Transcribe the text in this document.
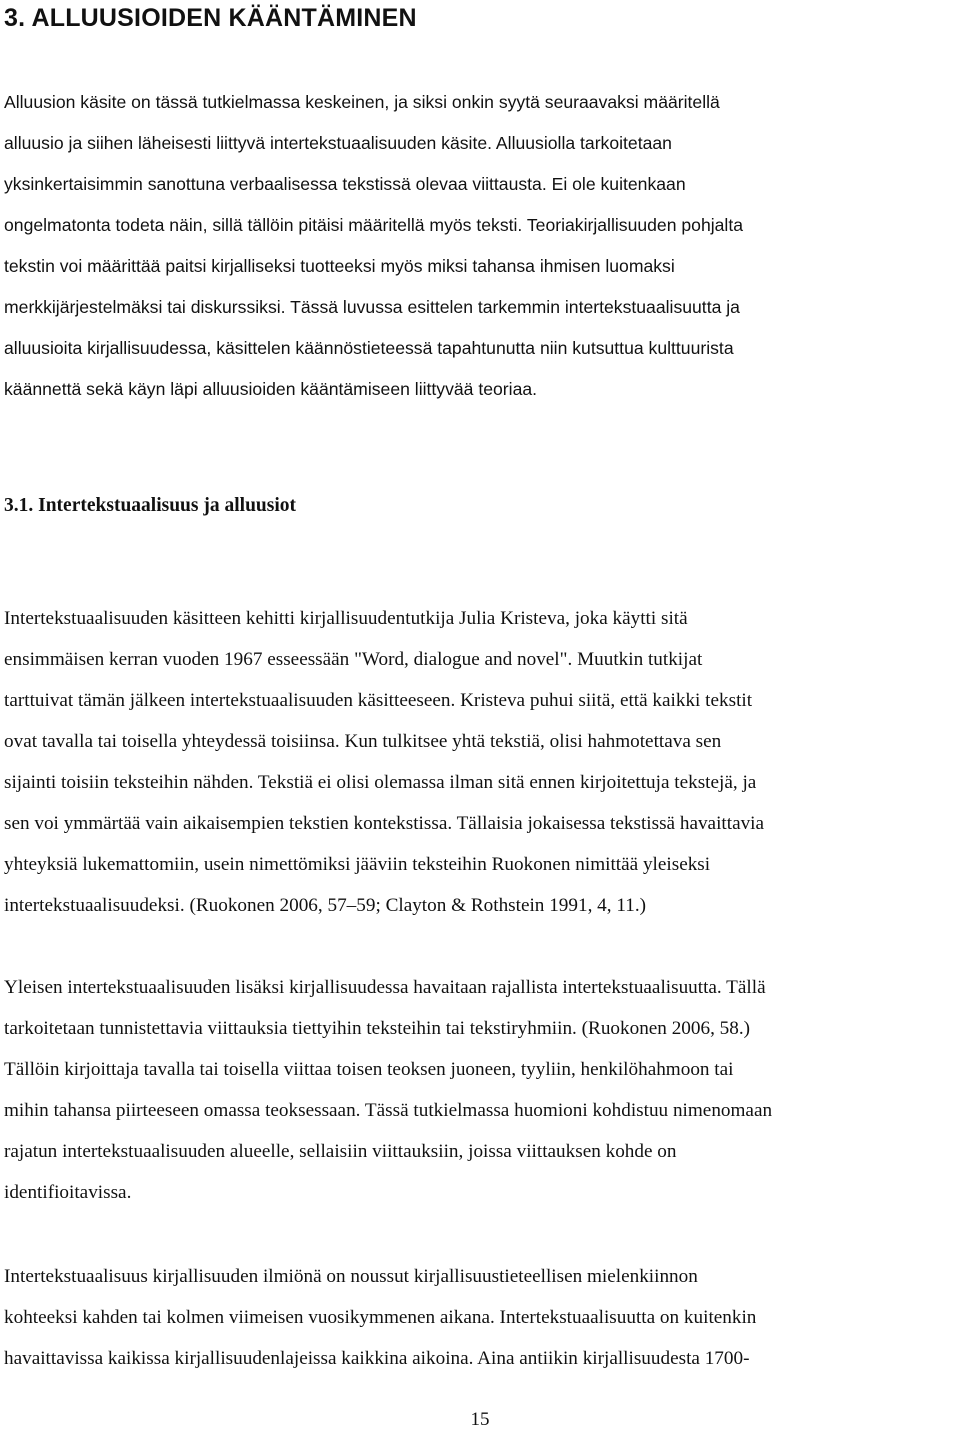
3. ALLUUSIOIDEN KÄÄNTÄMINEN
Alluusion käsite on tässä tutkielmassa keskeinen, ja siksi onkin syytä seuraavaksi määritellä
alluusio ja siihen läheisesti liittyvä intertekstuaalisuuden käsite. Alluusiolla tarkoitetaan
yksinkertaisimmin sanottuna verbaalisessa tekstissä olevaa viittausta. Ei ole kuitenkaan
ongelmatonta todeta näin, sillä tällöin pitäisi määritellä myös teksti. Teoriakirjallisuuden pohjalta
tekstin voi määrittää paitsi kirjalliseksi tuotteeksi myös miksi tahansa ihmisen luomaksi
merkkijärjestelmäksi tai diskurssiksi. Tässä luvussa esittelen tarkemmin intertekstuaalisuutta ja
alluusioita kirjallisuudessa, käsittelen käännöstieteessä tapahtunutta niin kutsuttua kulttuurista
käännettä sekä käyn läpi alluusioiden kääntämiseen liittyvää teoriaa.
3.1. Intertekstuaalisuus ja alluusiot
Intertekstuaalisuuden käsitteen kehitti kirjallisuudentutkija Julia Kristeva, joka käytti sitä
ensimmäisen kerran vuoden 1967 esseessään "Word, dialogue and novel". Muutkin tutkijat
tarttuivat tämän jälkeen intertekstuaalisuuden käsitteeseen. Kristeva puhui siitä, että kaikki tekstit
ovat tavalla tai toisella yhteydessä toisiinsa. Kun tulkitsee yhtä tekstiä, olisi hahmotettava sen
sijainti toisiin teksteihin nähden. Tekstiä ei olisi olemassa ilman sitä ennen kirjoitettuja tekstejä, ja
sen voi ymmärtää vain aikaisempien tekstien kontekstissa. Tällaisia jokaisessa tekstissä havaittavia
yhteyksiä lukemattomiin, usein nimettömiksi jääviin teksteihin Ruokonen nimittää yleiseksi
intertekstuaalisuudeksi. (Ruokonen 2006, 57–59; Clayton & Rothstein 1991, 4, 11.)
Yleisen intertekstuaalisuuden lisäksi kirjallisuudessa havaitaan rajallista intertekstuaalisuutta. Tällä
tarkoitetaan tunnistettavia viittauksia tiettyihin teksteihin tai tekstiryhmiin. (Ruokonen 2006, 58.)
Tällöin kirjoittaja tavalla tai toisella viittaa toisen teoksen juoneen, tyyliin, henkilöhahmoon tai
mihin tahansa piirteeseen omassa teoksessaan. Tässä tutkielmassa huomioni kohdistuu nimenomaan
rajatun intertekstuaalisuuden alueelle, sellaisiin viittauksiin, joissa viittauksen kohde on
identifioitavissa.
Intertekstuaalisuus kirjallisuuden ilmiönä on noussut kirjallisuustieteellisen mielenkiinnon
kohteeksi kahden tai kolmen viimeisen vuosikymmenen aikana. Intertekstuaalisuutta on kuitenkin
havaittavissa kaikissa kirjallisuudenlajeissa kaikkina aikoina. Aina antiikin kirjallisuudesta 1700-
15
